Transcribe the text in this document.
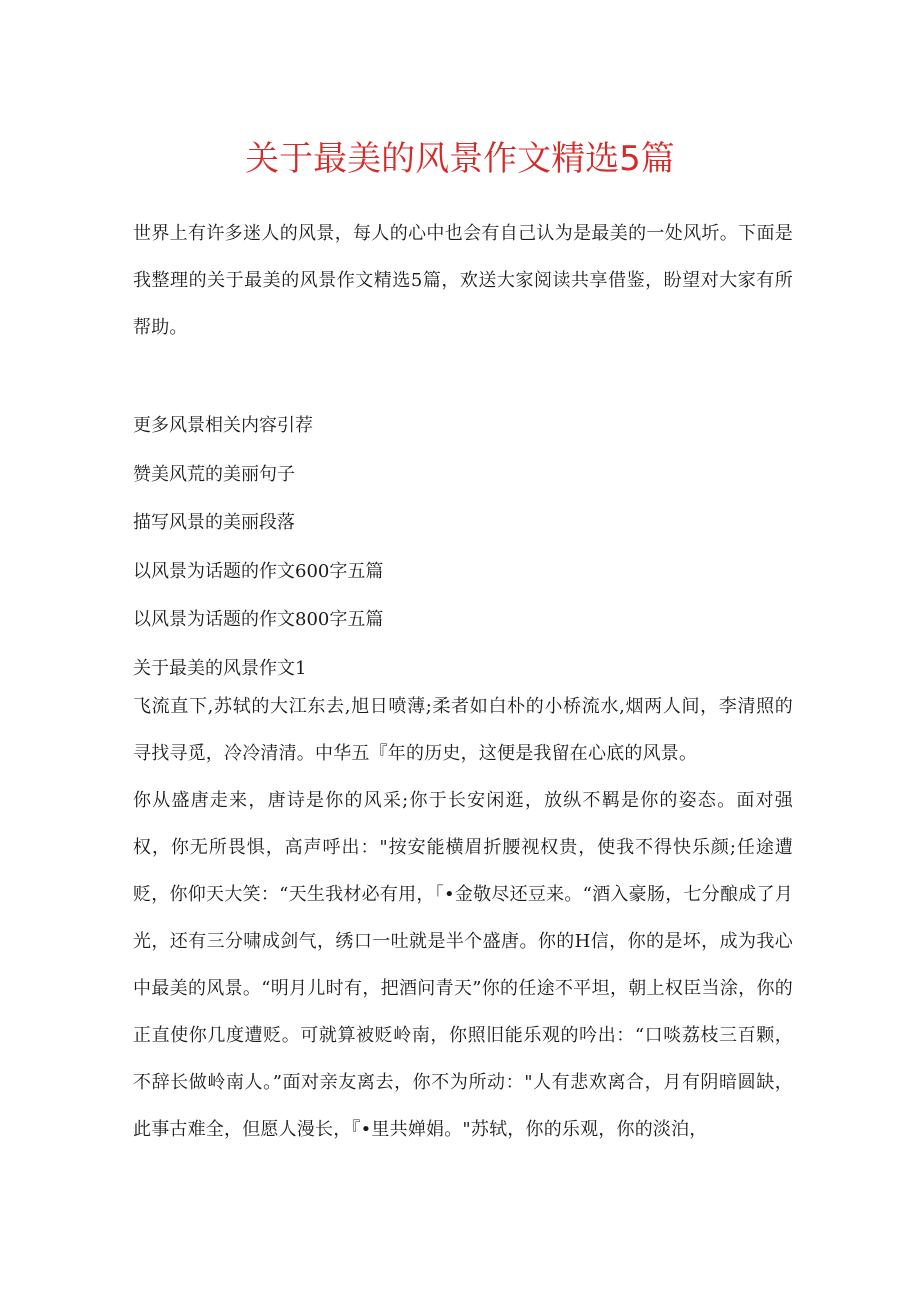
关于最美的风景作文精选5篇

世界上有许多迷人的风景，每人的心中也会有自己认为是最美的一处风圻。下面是我整理的关于最美的风景作文精选5篇，欢送大家阅读共享借鉴，盼望对大家有所帮助。

更多风景相关内容引荐
赞美风荒的美丽句子
描写风景的美丽段落
以风景为话题的作文600字五篇
以风景为话题的作文800字五篇
关于最美的风景作文1

飞流直下,苏轼的大江东去,旭日喷薄;柔者如白朴的小桥流水,烟两人间，李清照的寻找寻觅，冷冷清清。中华五『年的历史，这便是我留在心底的风景。

你从盛唐走来，唐诗是你的风采;你于长安闲逛，放纵不羁是你的姿态。面对强权，你无所畏惧，高声呼出："按安能横眉折腰视权贵，使我不得快乐颜;任途遭贬，你仰天大笑：“天生我材必有用，「•金敬尽还豆来。“酒入豪肠，七分酿成了月光，还有三分啸成剑气，绣口一吐就是半个盛唐。你的H信，你的是坏，成为我心中最美的风景。“明月儿时有，把酒问青天”你的任途不平坦，朝上权臣当涂，你的正直使你几度遭贬。可就算被贬岭南，你照旧能乐观的吟出：“口啖荔枝三百颗，不辞长做岭南人。”面对亲友离去，你不为所动："人有悲欢离合，月有阴暗圆缺，此事古难全，但愿人漫长，『•里共婵娟。"苏轼，你的乐观，你的淡泊，
